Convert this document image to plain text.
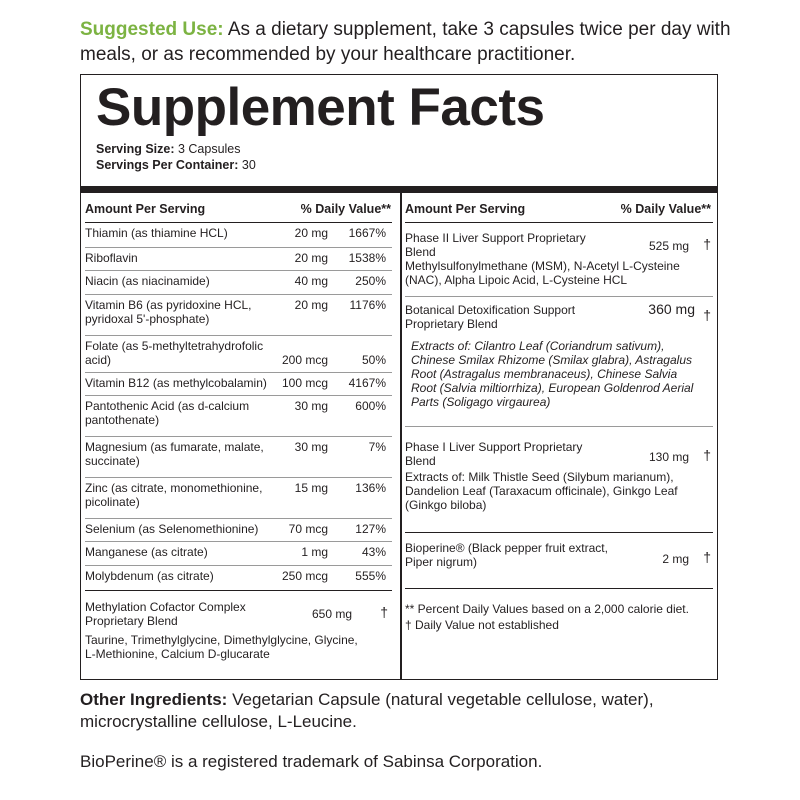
Suggested Use: As a dietary supplement, take 3 capsules twice per day with meals, or as recommended by your healthcare practitioner.
Supplement Facts
Serving Size: 3 Capsules
Servings Per Container: 30
Amount Per Serving	% Daily Value**
Thiamin (as thiamine HCL)	20 mg 1667%
Riboflavin	20 mg 1538%
Niacin (as niacinamide)	40 mg 250%
Vitamin B6 (as pyridoxine HCL, pyridoxal 5'-phosphate)
20 mg 1176%
Folate (as 5-methyltetrahydrofolic acid)	200 mcg	50%
Vitamin B12 (as methylcobalamin)	100 mcg 4167%
Pantothenic Acid (as d-calcium pantothenate)
30 mg 600%
Magnesium (as fumarate, malate, succinate)
30 mg	7%
Zinc (as citrate, monomethionine, picolinate)
15 mg 136%
Selenium (as Selenomethionine)	70 mcg 127%
Manganese (as citrate)	1 mg	43%
Molybdenum (as citrate)	250 mcg 555%
Methylation Cofactor Complex Proprietary Blend	650 mg †
Taurine, Trimethylglycine, Dimethylglycine, Glycine, L-Methionine, Calcium D-glucarate
Amount Per Serving	% Daily Value**
Phase II Liver Support Proprietary Blend	525 mg †
Methylsulfonylmethane (MSM), N-Acetyl L-Cysteine (NAC), Alpha Lipoic Acid, L-Cysteine HCL
Botanical Detoxification Support Proprietary Blend
360 mg †
Extracts of: Cilantro Leaf (Coriandrum sativum), Chinese Smilax Rhizome (Smilax glabra), Astragalus Root (Astragalus membranaceus), Chinese Salvia Root (Salvia miltiorrhiza), European Goldenrod Aerial Parts (Soligago virgaurea)
Phase I Liver Support Proprietary Blend	130 mg †
Extracts of: Milk Thistle Seed (Silybum marianum), Dandelion Leaf (Taraxacum officinale), Ginkgo Leaf (Ginkgo biloba)
Bioperine® (Black pepper fruit extract, Piper nigrum)	2 mg †
** Percent Daily Values based on a 2,000 calorie diet.
† Daily Value not established
Other Ingredients: Vegetarian Capsule (natural vegetable cellulose, water), microcrystalline cellulose, L-Leucine.
BioPerine® is a registered trademark of Sabinsa Corporation.
